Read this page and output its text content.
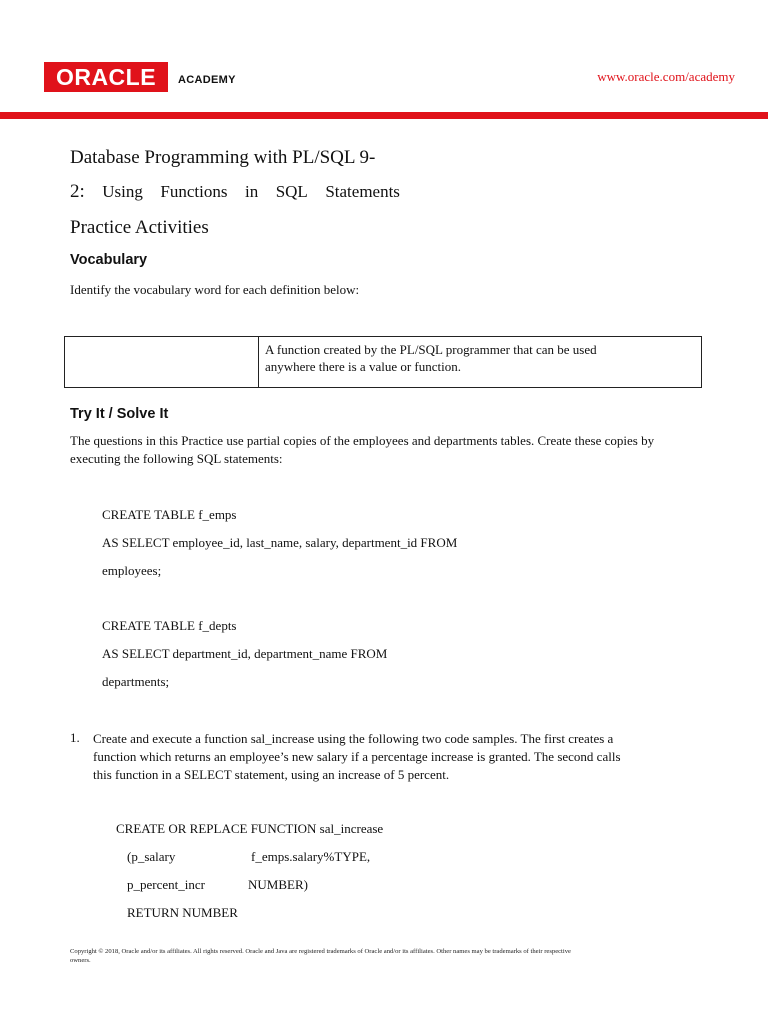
ORACLE ACADEMY	www.oracle.com/academy
Database Programming with PL/SQL 9-
2: Using Functions in SQL Statements
Practice Activities
Vocabulary
Identify the vocabulary word for each definition below:
A function created by the PL/SQL programmer that can be used
anywhere there is a value or function.
Try It / Solve It
The questions in this Practice use partial copies of the employees and departments tables. Create these copies by
executing the following SQL statements:
CREATE TABLE f_emps
AS SELECT employee_id, last_name, salary, department_id FROM
employees;
CREATE TABLE f_depts
AS SELECT department_id, department_name FROM
departments;
1. Create and execute a function sal_increase using the following two code samples. The first creates a
function which returns an employee’s new salary if a percentage increase is granted. The second calls
this function in a SELECT statement, using an increase of 5 percent.
CREATE OR REPLACE FUNCTION sal_increase
(p_salary	f_emps.salary%TYPE,
p_percent_incr	NUMBER)
RETURN NUMBER
Copyright © 2018, Oracle and/or its affiliates. All rights reserved. Oracle and Java are registered trademarks of Oracle and/or its affiliates. Other names may be trademarks of their respective
owners.
